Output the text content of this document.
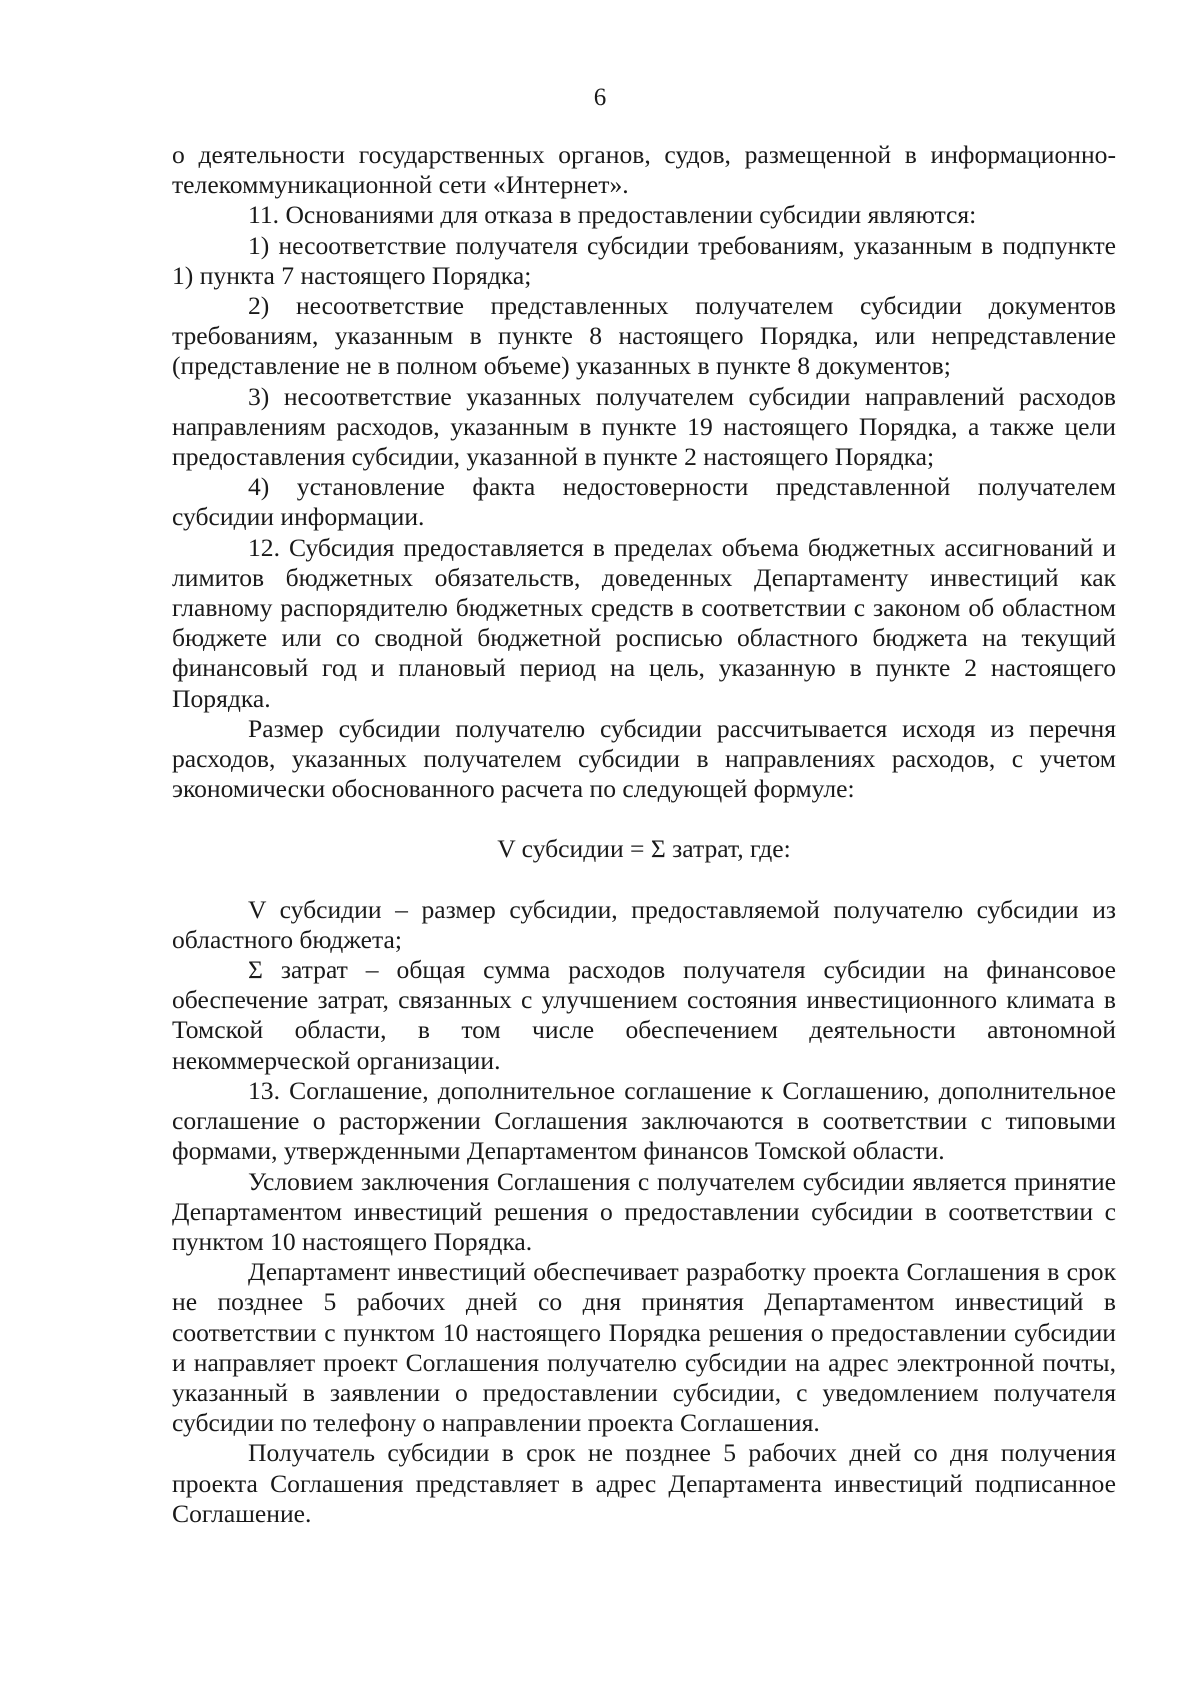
6

о деятельности государственных органов, судов, размещенной в информационно-телекоммуникационной сети «Интернет».

11. Основаниями для отказа в предоставлении субсидии являются:

1) несоответствие получателя субсидии требованиям, указанным в подпункте 1) пункта 7 настоящего Порядка;

2) несоответствие представленных получателем субсидии документов требованиям, указанным в пункте 8 настоящего Порядка, или непредставление (представление не в полном объеме) указанных в пункте 8 документов;

3) несоответствие указанных получателем субсидии направлений расходов направлениям расходов, указанным в пункте 19 настоящего Порядка, а также цели предоставления субсидии, указанной в пункте 2 настоящего Порядка;

4) установление факта недостоверности представленной получателем субсидии информации.

12. Субсидия предоставляется в пределах объема бюджетных ассигнований и лимитов бюджетных обязательств, доведенных Департаменту инвестиций как главному распорядителю бюджетных средств в соответствии с законом об областном бюджете или со сводной бюджетной росписью областного бюджета на текущий финансовый год и плановый период на цель, указанную в пункте 2 настоящего Порядка.

Размер субсидии получателю субсидии рассчитывается исходя из перечня расходов, указанных получателем субсидии в направлениях расходов, с учетом экономически обоснованного расчета по следующей формуле:

V субсидии = Σ затрат, где:

V субсидии – размер субсидии, предоставляемой получателю субсидии из областного бюджета;

Σ затрат – общая сумма расходов получателя субсидии на финансовое обеспечение затрат, связанных с улучшением состояния инвестиционного климата в Томской области, в том числе обеспечением деятельности автономной некоммерческой организации.

13. Соглашение, дополнительное соглашение к Соглашению, дополнительное соглашение о расторжении Соглашения заключаются в соответствии с типовыми формами, утвержденными Департаментом финансов Томской области.

Условием заключения Соглашения с получателем субсидии является принятие Департаментом инвестиций решения о предоставлении субсидии в соответствии с пунктом 10 настоящего Порядка.

Департамент инвестиций обеспечивает разработку проекта Соглашения в срок не позднее 5 рабочих дней со дня принятия Департаментом инвестиций в соответствии с пунктом 10 настоящего Порядка решения о предоставлении субсидии и направляет проект Соглашения получателю субсидии на адрес электронной почты, указанный в заявлении о предоставлении субсидии, с уведомлением получателя субсидии по телефону о направлении проекта Соглашения.

Получатель субсидии в срок не позднее 5 рабочих дней со дня получения проекта Соглашения представляет в адрес Департамента инвестиций подписанное Соглашение.
